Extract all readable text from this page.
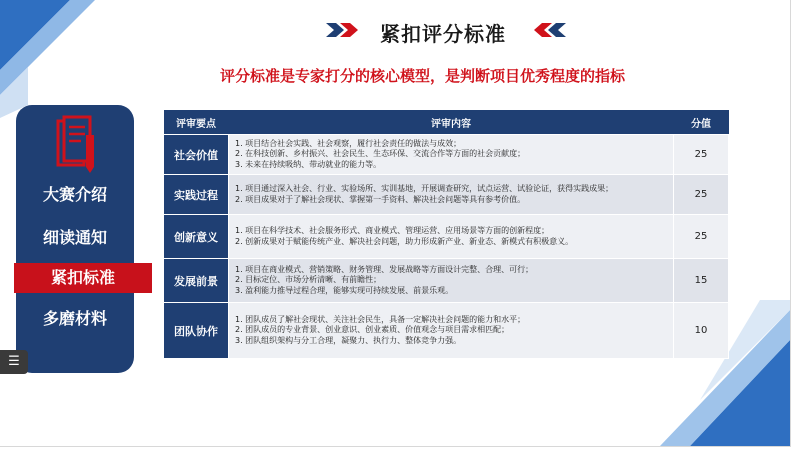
紧扣评分标准
评分标准是专家打分的核心模型，是判断项目优秀程度的指标
大赛介绍
细读通知
紧扣标准
多磨材料
☰
评审要点	评审内容	分值
社会价值	1. 项目结合社会实践、社会观察，履行社会责任的做法与成效；
2. 在科技创新、乡村振兴、社会民生、生态环保、交流合作等方面的社会贡献度；
3. 未来在持续吸纳、带动就业的能力等。	25
实践过程	1. 项目通过深入社会、行业、实验场所、实训基地，开展调查研究，试点运营、试验论证，获得实践成果；
2. 项目成果对于了解社会现状、掌握第一手资料、解决社会问题等具有参考价值。	25
创新意义	1. 项目在科学技术、社会服务形式、商业模式、管理运营、应用场景等方面的创新程度；
2. 创新成果对于赋能传统产业、解决社会问题，助力形成新产业、新业态、新模式有积极意义。	25
发展前景	1. 项目在商业模式、营销策略、财务管理、发展战略等方面设计完整、合理、可行；
2. 目标定位、市场分析清晰、有前瞻性；
3. 盈利能力推导过程合理，能够实现可持续发展、前景乐观。	15
团队协作	1. 团队成员了解社会现状、关注社会民生，具备一定解决社会问题的能力和水平；
2. 团队成员的专业背景、创业意识、创业素质、价值观念与项目需求相匹配；
3. 团队组织架构与分工合理，凝聚力、执行力、整体竞争力强。	10
